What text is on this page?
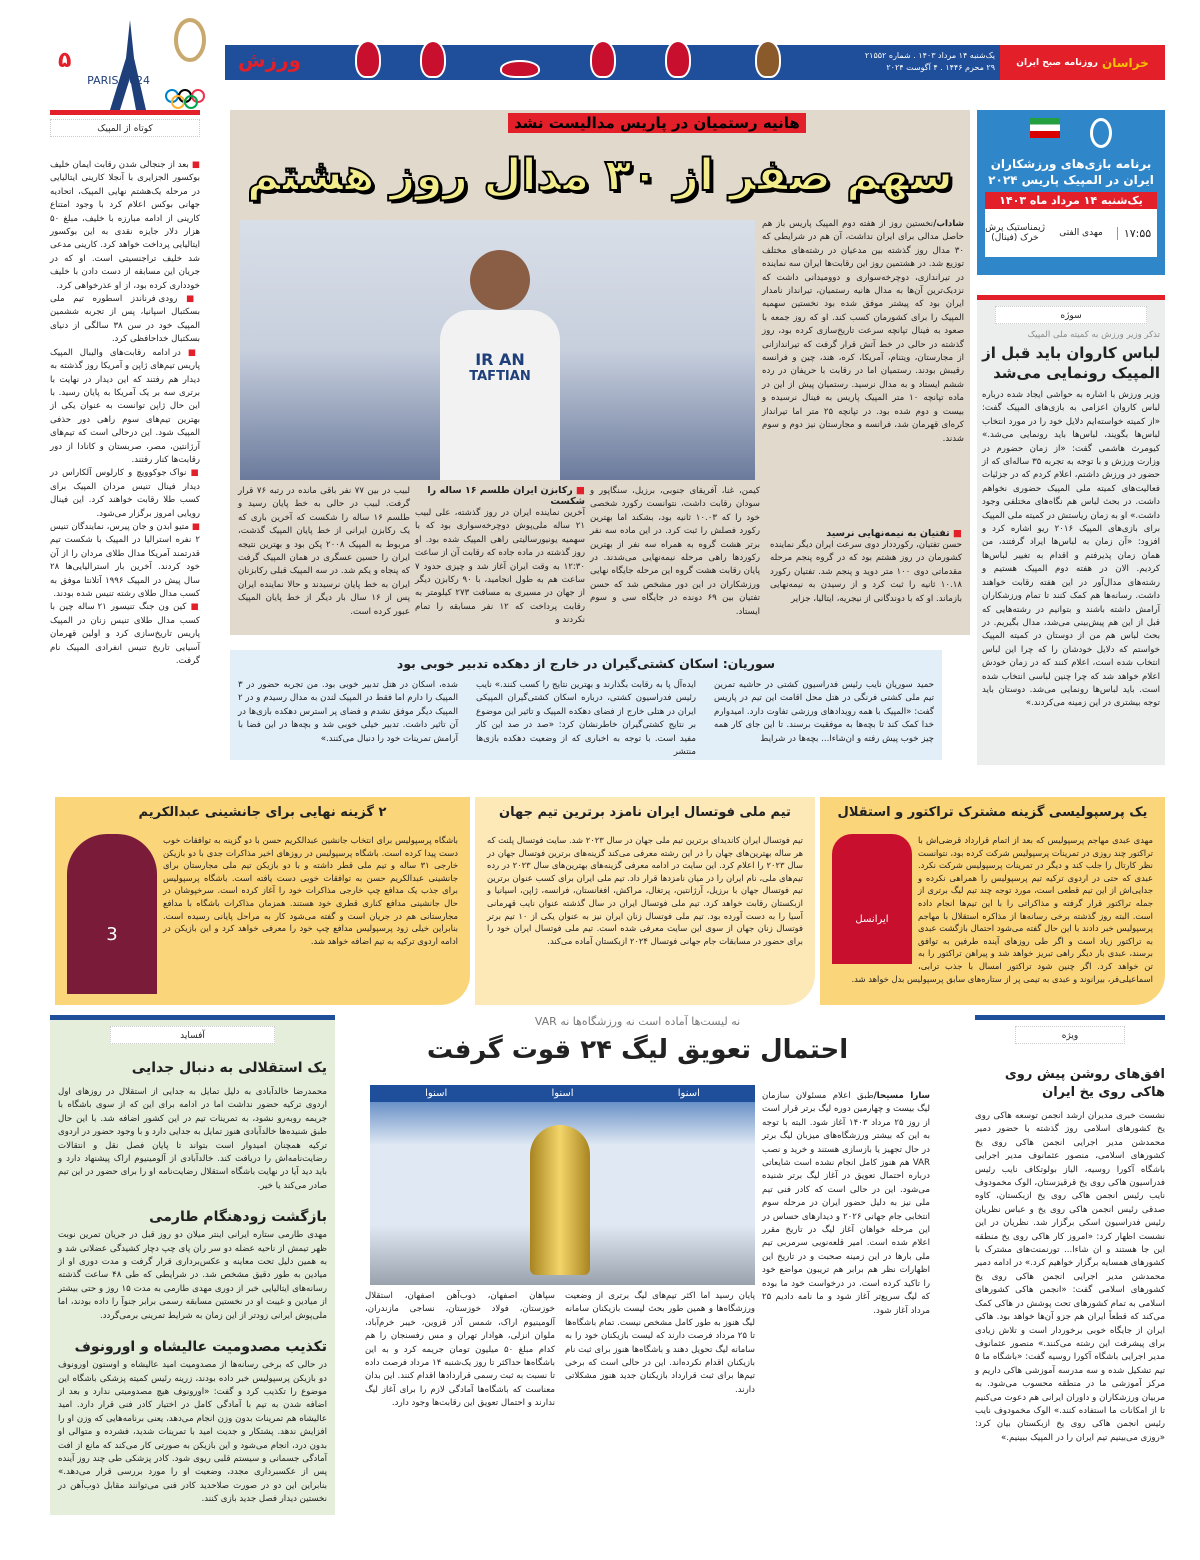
PARIS 2024
۵	ورزش	یک‌شنبه ۱۴ مرداد ۱۴۰۳ . شماره ۲۱۵۵۲
۲۹ محرم ۱۴۴۶ . ۴ آگوست ۲۰۲۴	خراسان
روزنامه صبح ایران
کوتاه از المپیک

■ بعد از جنجالی شدن رقابت ایمان خلیف بوکسور الجزایری با آنجلا کارینی ایتالیایی در مرحله یک‌هشتم نهایی المپیک، اتحادیه جهانی بوکس اعلام کرد با وجود امتناع کارینی از ادامه مبارزه با خلیف، مبلغ ۵۰ هزار دلار جایزه نقدی به این بوکسور ایتالیایی پرداخت خواهد کرد. کارینی مدعی شد خلیف تراجنسیتی است. او که در جریان این مسابقه از دست دادن با خلیف خودداری کرده بود، از او عذرخواهی کرد.

■ رودی فرناندز اسطوره تیم ملی بسکتبال اسپانیا، پس از تجربه ششمین المپیک خود در سن ۳۸ سالگی از دنیای بسکتبال خداحافظی کرد.

■ در ادامه رقابت‌های والیبال المپیک پاریس تیم‌های ژاپن و آمریکا روز گذشته به دیدار هم رفتند که این دیدار در نهایت با برتری سه بر یک آمریکا به پایان رسید. با این حال ژاپن توانست به عنوان یکی از بهترین تیم‌های سوم راهی دور حذفی المپیک شود. این درحالی است که تیم‌های آرژانتین، مصر، صربستان و کانادا از دور رقابت‌ها کنار رفتند.

■ نواک جوکوویچ و کارلوس آلکاراس در دیدار فینال تنیس مردان المپیک برای کسب طلا رقابت خواهند کرد. این فینال رویایی امروز برگزار می‌شود.

■ متیو ابدن و جان پیرس، نمایندگان تنیس ۲ نفره استرالیا در المپیک با شکست تیم قدرتمند آمریکا مدال طلای مردان را از آن خود کردند. آخرین بار استرالیایی‌ها ۲۸ سال پیش در المپیک ۱۹۹۶ آتلانتا موفق به کسب مدال طلای رشته تنیس شده بودند.

■ کین ون جنگ تنیسور ۲۱ ساله چین با کسب مدال طلای تنیس زنان در المپیک پاریس تاریخ‌سازی کرد و اولین قهرمان آسیایی تاریخ تنیس انفرادی المپیک نام گرفت.

هانیه رستمیان در پاریس مدالیست نشد
IR AN
TAFTIAN
سهم صفر از ۳۰ مدال روز هشتم

شاداب/نخستین روز از هفته دوم المپیک پاریس باز هم حاصل مدالی برای ایران نداشت، آن هم در شرایطی که ۳۰ مدال روز گذشته بین مدعیان در رشته‌های مختلف توزیع شد. در هشتمین روز این رقابت‌ها ایران سه نماینده در تیراندازی، دوچرخه‌سواری و دوومیدانی داشت که نزدیک‌ترین آن‌ها به مدال هانیه رستمیان، تیرانداز نامدار ایران بود که پیشتر موفق شده بود نخستین سهمیه المپیک را برای کشورمان کسب کند. او که روز جمعه با صعود به فینال تپانچه سرعت تاریخ‌سازی کرده بود، روز گذشته در حالی در خط آتش قرار گرفت که تیراندازانی از مجارستان، ویتنام، آمریکا، کره، هند، چین و فرانسه رقیبش بودند. رستمیان اما در رقابت با حریفان در رده ششم ایستاد و به مدال نرسید. رستمیان پیش از این در ماده تپانچه ۱۰ متر المپیک پاریس به فینال نرسیده و بیست و دوم شده بود. در تپانچه ۲۵ متر اما تیرانداز کره‌ای قهرمان شد، فرانسه و مجارستان نیز دوم و سوم شدند.

■ تفتیان به نیمه‌نهایی نرسید

حسن تفتیان، رکورددار دوی سرعت ایران دیگر نماینده کشورمان در روز هشتم بود که در گروه پنجم مرحله مقدماتی دوی ۱۰۰ متر دوید و پنجم شد. تفتیان رکورد ۱۰.۱۸ ثانیه را ثبت کرد و از رسیدن به نیمه‌نهایی بازماند. او که با دوندگانی از نیجریه، ایتالیا، جزایر

کیمن، غنا، آفریقای جنوبی، برزیل، سنگاپور و سودان رقابت داشت، نتوانست رکورد شخصی خود را که ۱۰.۰۳ ثانیه بود، بشکند اما بهترین رکورد فصلش را ثبت کرد. در این ماده سه نفر برتر هشت گروه به همراه سه نفر از بهترین رکوردها راهی مرحله نیمه‌نهایی می‌شدند. در پایان رقابت هشت گروه این مرحله جایگاه نهایی ورزشکاران در این دور مشخص شد که حسن تفتیان بین ۶۹ دونده در جایگاه سی و سوم ایستاد.

■ رکابزن ایران طلسم ۱۶ ساله را شکست

آخرین نماینده ایران در روز گذشته، علی لبیب ۲۱ ساله ملی‌پوش دوچرخه‌سواری بود که با سهمیه یونیورسالیتی راهی المپیک شده بود. او روز گذشته در ماده جاده که رقابت آن از ساعت ۱۲:۳۰ به وقت ایران آغاز شد و چیزی حدود ۷ ساعت هم به طول انجامید، با ۹۰ رکابزن دیگر از جهان در مسیری به مسافت ۲۷۳ کیلومتر به رقابت پرداخت که ۱۲ نفر مسابقه را تمام نکردند و

لبیب در بین ۷۷ نفر باقی مانده در رتبه ۷۶ قرار گرفت. لبیب در حالی به خط پایان رسید و طلسم ۱۶ ساله را شکست که آخرین باری که یک رکابزن ایرانی از خط پایان المپیک گذشت، مربوط به المپیک ۲۰۰۸ پکن بود و بهترین نتیجه ایران را حسین عسگری در همان المپیک گرفت که پنجاه و یکم شد. در سه المپیک قبلی رکابزنان ایران به خط پایان نرسیدند و حالا نماینده ایران پس از ۱۶ سال بار دیگر از خط پایان المپیک عبور کرده است.

سوریان: اسکان کشتی‌گیران در خارج از دهکده تدبیر خوبی بود

حمید سوریان نایب رئیس فدراسیون کشتی در حاشیه تمرین تیم ملی کشتی فرنگی در هتل محل اقامت این تیم در پاریس گفت: «المپیک با همه رویدادهای ورزشی تفاوت دارد. امیدوارم خدا کمک کند تا بچه‌ها به موفقیت برسند. تا این جای کار همه چیز خوب پیش رفته و ان‌شاءا... بچه‌ها در شرایط

ایده‌آل پا به رقابت بگذارند و بهترین نتایج را کسب کنند.» نایب رئیس فدراسیون کشتی، درباره اسکان کشتی‌گیران المپیکی ایران در هتلی خارج از فضای دهکده المپیک و تاثیر این موضوع بر نتایج کشتی‌گیران خاطرنشان کرد: «صد در صد این کار مفید است. با توجه به اخباری که از وضعیت دهکده بازی‌ها منتشر

شده، اسکان در هتل تدبیر خوبی بود. من تجربه حضور در ۳ المپیک را دارم اما فقط در المپیک لندن به مدال رسیدم و در ۲ المپیک دیگر موفق نشدم و فضای پر استرس دهکده بازی‌ها در آن تاثیر داشت. تدبیر خیلی خوبی شد و بچه‌ها در این فضا با آرامش تمرینات خود را دنبال می‌کنند.»

برنامه بازی‌های ورزشکاران ایران در المپیک پاریس ۲۰۲۴
یک‌شنبه ۱۴ مرداد ماه ۱۴۰۳
۱۷:۵۵
مهدی الفتی
ژیمناستیک پرش خرک (فینال)
سوژه
تذکر وزیر ورزش به کمیته ملی المپیک
لباس کاروان باید قبل از المپیک رونمایی می‌شد

وزیر ورزش با اشاره به حواشی ایجاد شده درباره لباس کاروان اعزامی به بازی‌های المپیک گفت: «از کمیته خواسته‌ایم دلایل خود را در مورد انتخاب لباس‌ها بگویند، لباس‌ها باید رونمایی می‌شد.» کیومرث هاشمی گفت: «از زمان حضورم در وزارت ورزش و با توجه به تجربه ۳۵ ساله‌ای که از حضور در ورزش داشتم، اعلام کردم که در جزئیات فعالیت‌های کمیته ملی المپیک حضوری نخواهم داشت. در بحث لباس هم نگاه‌های مختلفی وجود داشت.» او به زمان ریاستش در کمیته ملی المپیک برای بازی‌های المپیک ۲۰۱۶ ریو اشاره کرد و افزود: «آن زمان به لباس‌ها ایراد گرفتند، من همان زمان پذیرفتم و اقدام به تغییر لباس‌ها کردیم. الان در هفته دوم المپیک هستیم و رشته‌های مدال‌آور در این هفته رقابت خواهند داشت. رسانه‌ها هم کمک کنند تا تمام ورزشکاران آرامش داشته باشند و بتوانیم در رشته‌هایی که قبل از این هم پیش‌بینی می‌شد، مدال بگیریم. در بحث لباس هم من از دوستان در کمیته المپیک خواستم که دلایل خودشان را که چرا این لباس انتخاب شده است، اعلام کنند که در زمان خودش اعلام خواهد شد که چرا چنین لباسی انتخاب شده است. باید لباس‌ها رونمایی می‌شد. دوستان باید توجه بیشتری در این زمینه می‌کردند.»

یک پرسپولیسی گزینه مشترک تراکتور و استقلال
ایرانسل

مهدی عبدی مهاجم پرسپولیس که بعد از اتمام قرارداد قرضی‌اش با تراکتور چند روزی در تمرینات پرسپولیس شرکت کرده بود، نتوانست نظر کارتال را جلب کند و دیگر در تمرینات پرسپولیس شرکت نکرد. عبدی که حتی در اردوی ترکیه تیم پرسپولیس را همراهی نکرده و جدایی‌اش از این تیم قطعی است، مورد توجه چند تیم لیگ برتری از جمله تراکتور قرار گرفته و مذاکراتی را با این تیم‌ها انجام داده است. البته روز گذشته برخی رسانه‌ها از مذاکره استقلال با مهاجم پرسپولیس خبر دادند با این حال گفته می‌شود احتمال بازگشت عبدی به تراکتور زیاد است و اگر طی روزهای آینده طرفین به توافق برسند، عبدی بار دیگر راهی تبریز خواهد شد و پیراهن تراکتور را به تن خواهد کرد. اگر چنین شود تراکتور امسال با جذب ترابی، اسماعیلی‌فر، بیرانوند و عبدی به تیمی پر از ستاره‌های سابق پرسپولیس بدل خواهد شد.

تیم ملی فوتسال ایران نامزد برترین تیم جهان

تیم فوتسال ایران کاندیدای برترین تیم ملی جهان در سال ۲۰۲۳ شد. سایت فوتسال پلنت که هر ساله بهترین‌های جهان را در این رشته معرفی می‌کند گزینه‌های برترین فوتسال جهان در سال ۲۰۲۳ را اعلام کرد. این سایت در ادامه معرفی گزینه‌های بهترین‌های سال ۲۰۲۳ در رده تیم‌های ملی، نام ایران را در میان نامزدها قرار داد. تیم ملی ایران برای کسب عنوان برترین تیم فوتسال جهان با برزیل، آرژانتین، پرتغال، مراکش، افغانستان، فرانسه، ژاپن، اسپانیا و ازبکستان رقابت خواهد کرد. تیم ملی فوتسال ایران در سال گذشته عنوان نایب قهرمانی آسیا را به دست آورده بود. تیم ملی فوتسال زنان ایران نیز به عنوان یکی از ۱۰ تیم برتر فوتسال زنان جهان از سوی این سایت معرفی شده است. تیم ملی فوتسال ایران خود را برای حضور در مسابقات جام جهانی فوتسال ۲۰۲۴ ازبکستان آماده می‌کند.

۲ گزینه نهایی برای جانشینی عبدالکریم
3

باشگاه پرسپولیس برای انتخاب جانشین عبدالکریم حسن با دو گزینه به توافقات خوب دست پیدا کرده است. باشگاه پرسپولیس در روزهای اخیر مذاکرات جدی با دو بازیکن خارجی ۳۱ ساله و تیم ملی قطر داشته و با دو بازیکن تیم ملی مجارستان برای جانشینی عبدالکریم حسن به توافقات خوبی دست یافته است. باشگاه پرسپولیس برای جذب یک مدافع چپ خارجی مذاکرات خود را آغاز کرده است. سرخپوشان در حال جانشینی مدافع کناری قطری خود هستند. همزمان مذاکرات باشگاه با مدافع مجارستانی هم در جریان است و گفته می‌شود کار به مراحل پایانی رسیده است. بنابراین خیلی زود پرسپولیس مدافع چپ خود را معرفی خواهد کرد و این بازیکن در ادامه اردوی ترکیه به تیم اضافه خواهد شد.

آفساید
یک استقلالی به دنبال جدایی

محمدرضا خالدآبادی به دلیل تمایل به جدایی از استقلال در روزهای اول اردوی ترکیه حضور نداشت اما در ادامه برای این که از سوی باشگاه با جریمه روبه‌رو نشود، به تمرینات تیم در این کشور اضافه شد. با این حال طبق شنیده‌ها خالدآبادی هنوز تمایل به جدایی دارد و با وجود حضور در اردوی ترکیه همچنان امیدوار است بتواند تا پایان فصل نقل و انتقالات رضایت‌نامه‌اش را دریافت کند. خالدآبادی از آلومینیوم اراک پیشنهاد دارد و باید دید آیا در نهایت باشگاه استقلال رضایت‌نامه او را برای حضور در این تیم صادر می‌کند یا خیر.

بازگشت زودهنگام طارمی

مهدی طارمی ستاره ایرانی اینتر میلان دو روز قبل در جریان تمرین نوبت ظهر تیمش از ناحیه عضله دو سر ران پای چپ دچار کشیدگی عضلانی شد و به همین دلیل تحت معاینه و عکس‌برداری قرار گرفت و مدت دوری او از میادین به طور دقیق مشخص شد. در شرایطی که طی ۴۸ ساعت گذشته رسانه‌های ایتالیایی خبر از دوری مهدی طارمی به مدت ۱۵ روز و حتی بیشتر از میادین و غیبت او در نخستین مسابقه رسمی برابر جنوآ را داده بودند، اما ملی‌پوش ایرانی زودتر از این زمان به شرایط تمرینی برمی‌گردد.

تکذیب مصدومیت عالیشاه و اورونوف

در حالی که برخی رسانه‌ها از مصدومیت امید عالیشاه و اوستون اورونوف دو بازیکن پرسپولیس خبر داده بودند، زرینه رئیس کمیته پزشکی باشگاه این موضوع را تکذیب کرد و گفت: «اورونوف هیچ مصدومیتی ندارد و بعد از اضافه شدن به تیم با آمادگی کامل در اختیار کادر فنی قرار دارد. امید عالیشاه هم تمرینات بدون وزن انجام می‌دهد، یعنی برنامه‌هایی که وزن او را افزایش ندهد. پشتکار و جدیت امید با تمرینات شدید، فشرده و متوالی او بدون درد، انجام می‌شود و این بازیکن به صورتی کار می‌کند که مانع از افت آمادگی جسمانی و سیستم قلبی ریوی شود. کادر پزشکی طی چند روز آینده پس از عکسبرداری مجدد، وضعیت او را مورد بررسی قرار می‌دهد.» بنابراین این دو در صورت صلاحدید کادر فنی می‌توانند مقابل ذوب‌آهن در نخستین دیدار فصل جدید بازی کنند.

نه لیست‌ها آماده است نه ورزشگاه‌ها نه VAR
احتمال تعویق لیگ ۲۴ قوت گرفت
اسنوا
اسنوا
اسنوا	سارا مسیحا/طبق اعلام مسئولان سازمان لیگ بیست و چهارمین دوره لیگ برتر قرار است از روز ۲۵ مرداد ۱۴۰۳ آغاز شود. البته با توجه به این که بیشتر ورزشگاه‌های میزبان لیگ برتر در حال تجهیز یا بازسازی هستند و خرید و نصب VAR هم هنوز کامل انجام نشده است شایعاتی درباره احتمال تعویق در آغاز لیگ برتر شنیده می‌شود. این در حالی است که کادر فنی تیم ملی نیز به دلیل حضور ایران در مرحله سوم انتخابی جام جهانی ۲۰۲۶ و دیدارهای حساس در این مرحله خواهان آغاز لیگ در تاریخ مقرر اعلام شده است. امیر قلعه‌نویی سرمربی تیم ملی بارها در این زمینه صحبت و در تاریخ این اظهارات نظر هم برابر هم تریبون مواضع خود را تاکید کرده است. در درخواست خود ما بوده که لیگ سریع‌تر آغاز شود و ما نامه دادیم ۲۵ مرداد آغاز شود.

پایان رسید اما اکثر تیم‌های لیگ برتری از وضعیت ورزشگاه‌ها و همین طور بحث لیست بازیکنان سامانه لیگ هنوز به طور کامل مشخص نیست. تمام باشگاه‌ها تا ۲۵ مرداد فرصت دارند که لیست بازیکنان خود را به سامانه لیگ تحویل دهند و باشگاه‌ها هنوز برای ثبت نام بازیکنان اقدام نکرده‌اند. این در حالی است که برخی تیم‌ها برای ثبت قرارداد بازیکنان جدید هنوز مشکلاتی دارند.

سپاهان اصفهان، ذوب‌آهن اصفهان، استقلال خوزستان، فولاد خوزستان، نساجی مازندران، آلومینیوم اراک، شمس آذر قزوین، خیبر خرم‌آباد، ملوان انزلی، هوادار تهران و مس رفسنجان را هم کدام مبلغ ۵۰ میلیون تومان جریمه کرد و به این باشگاه‌ها حداکثر تا روز یک‌شنبه ۱۴ مرداد فرصت داده تا نسبت به ثبت رسمی قراردادها اقدام کنند. این بدان معناست که باشگاه‌ها آمادگی لازم را برای آغاز لیگ ندارند و احتمال تعویق این رقابت‌ها وجود دارد.

ویژه
افق‌های روشن پیش روی هاکی روی یخ ایران

نشست خبری مدیران ارشد انجمن توسعه هاکی روی یخ کشورهای اسلامی روز گذشته با حضور دمیر محمدشن مدیر اجرایی انجمن هاکی روی یخ کشورهای اسلامی، منصور عثمانوف مدیر اجرایی باشگاه آکورا روسیه، الیاز بولوتکاف نایب رئیس فدراسیون هاکی روی یخ قرقیزستان، الوک مخمودوف نایب رئیس انجمن هاکی روی یخ ازبکستان، کاوه صدقی رئیس انجمن هاکی روی یخ و عباس نظریان رئیس فدراسیون اسکی برگزار شد. نظریان در این نشست اظهار کرد: «امروز کار هاکی روی یخ منطقه این جا هستند و ان شاءا... تورنمنت‌های مشترک با کشورهای همسایه برگزار خواهیم کرد.» در ادامه دمیر محمدشن مدیر اجرایی انجمن هاکی روی یخ کشورهای اسلامی گفت: «انجمن هاکی کشورهای اسلامی به تمام کشورهای تحت پوشش در هاکی کمک می‌کند که قطعاً ایران هم جزو آن‌ها خواهد بود. هاکی ایران از جایگاه خوبی برخوردار است و تلاش زیادی برای پیشرفت این رشته می‌کنند.» منصور عثمانوف مدیر اجرایی باشگاه آکورا روسیه گفت: «باشگاه ما ۵ تیم تشکیل شده و سه مدرسه آموزشی هاکی داریم و مرکز آموزشی ما در منطقه محسوب می‌شود. به مربیان ورزشکاران و داوران ایرانی هم دعوت می‌کنیم تا از امکانات ما استفاده کنند.» الوک مخمودوف نایب رئیس انجمن هاکی روی یخ ازبکستان بیان کرد: «روزی می‌بینیم تیم ایران را در المپیک ببینیم.»
